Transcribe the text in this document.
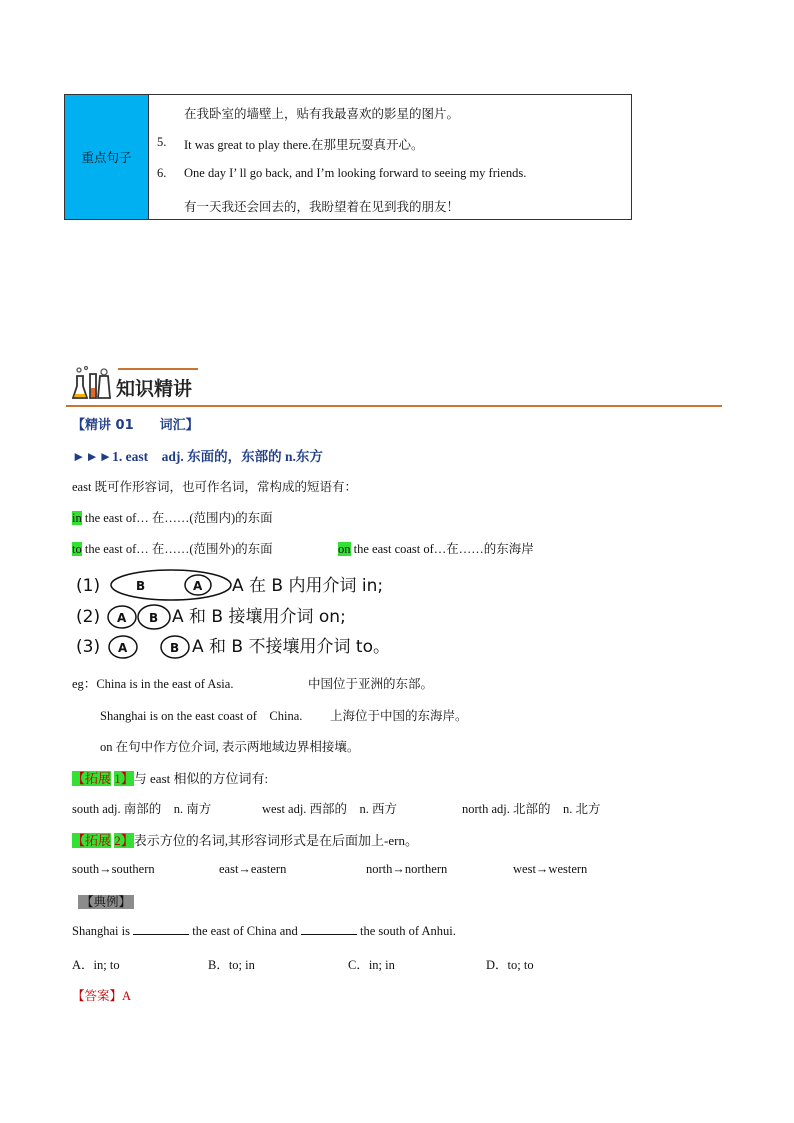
重点句子
在我卧室的墙壁上，贴有我最喜欢的影星的图片。
5.	It was great to play there.在那里玩耍真开心。
6.	One day I’ ll go back, and I’m looking forward to seeing my friends.
有一天我还会回去的，我盼望着在见到我的朋友！
知识精讲
【精讲 01　　词汇】
►►►1. east　adj. 东面的，东部的 n.东方
east 既可作形容词，也可作名词，常构成的短语有：
in the east of… 在……(范围内)的东面
to the east of… 在……(范围外)的东面	on the east coast of…在……的东海岸
(1)	B	A A 在 B 内用介词 in;
(2) A B A 和 B 接壤用介词 on;
(3) A	B A 和 B 不接壤用介词 to。
eg：China is in the east of Asia.	中国位于亚洲的东部。
Shanghai is on the east coast of　China. 上海位于中国的东海岸。
on 在句中作方位介词, 表示两地域边界相接壤。
【拓展 1】与 east 相似的方位词有:
south adj. 南部的　n. 南方	west adj. 西部的　n. 西方	north adj. 北部的　n. 北方
【拓展 2】表示方位的名词,其形容词形式是在后面加上-ern。
south→southern	east→eastern	north→northern	west→western
【典例】
Shanghai is	the east of China and	the south of Anhui.
A．in; to	B．to; in	C．in; in	D．to; to
【答案】A
